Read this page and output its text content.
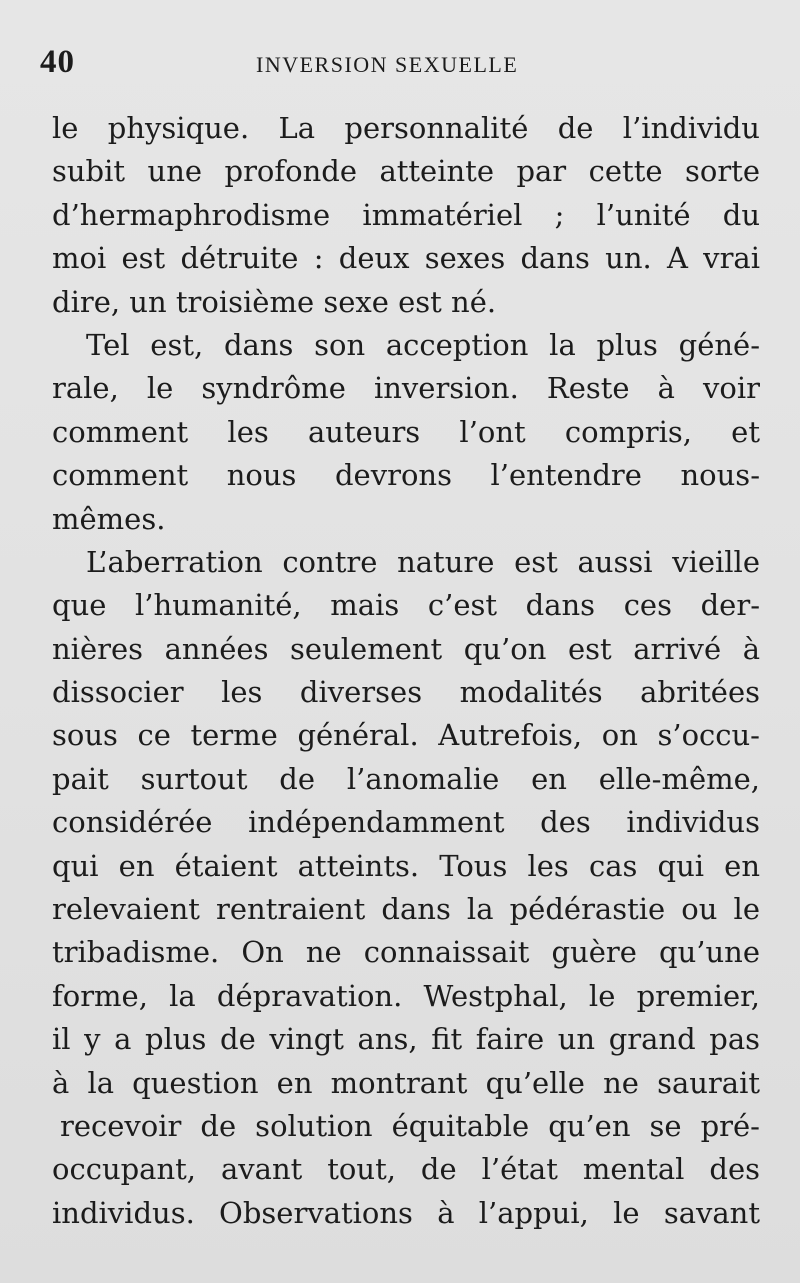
40	INVERSION SEXUELLE
le physique. La personnalité de l’individu
subit une profonde atteinte par cette sorte
d’hermaphrodisme immatériel ; l’unité du
moi est détruite : deux sexes dans un. A vrai
dire, un troisième sexe est né.
Tel est, dans son acception la plus géné-
rale, le syndrôme inversion. Reste à voir
comment les auteurs l’ont compris, et
comment nous devrons l’entendre nous-
mêmes.
L’aberration contre nature est aussi vieille
que l’humanité, mais c’est dans ces der-
nières années seulement qu’on est arrivé à
dissocier les diverses modalités abritées
sous ce terme général. Autrefois, on s’occu-
pait surtout de l’anomalie en elle-même,
considérée indépendamment des individus
qui en étaient atteints. Tous les cas qui en
relevaient rentraient dans la pédérastie ou le
tribadisme. On ne connaissait guère qu’une
forme, la dépravation. Westphal, le premier,
il y a plus de vingt ans, fit faire un grand pas
à la question en montrant qu’elle ne saurait
recevoir de solution équitable qu’en se pré-
occupant, avant tout, de l’état mental des
individus. Observations à l’appui, le savant
